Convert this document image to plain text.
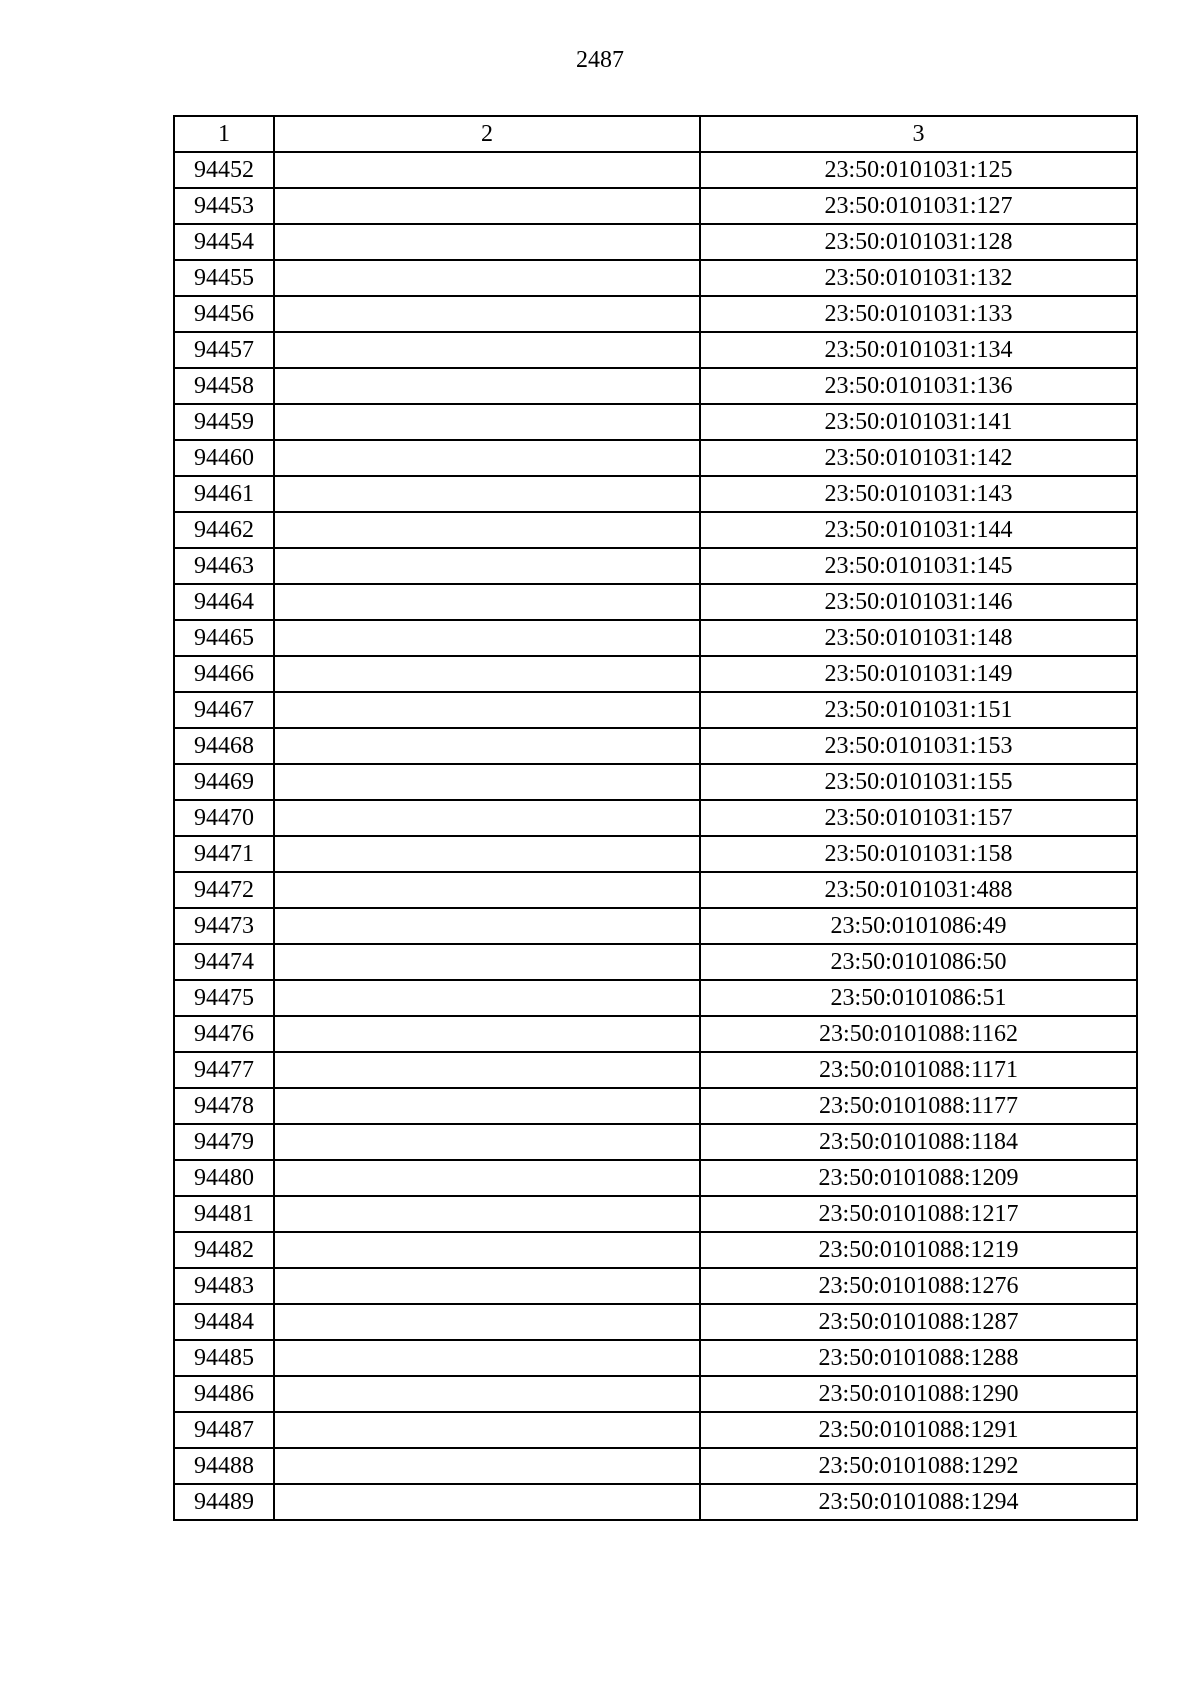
2487
1	2	3
94452		23:50:0101031:125
94453		23:50:0101031:127
94454		23:50:0101031:128
94455		23:50:0101031:132
94456		23:50:0101031:133
94457		23:50:0101031:134
94458		23:50:0101031:136
94459		23:50:0101031:141
94460		23:50:0101031:142
94461		23:50:0101031:143
94462		23:50:0101031:144
94463		23:50:0101031:145
94464		23:50:0101031:146
94465		23:50:0101031:148
94466		23:50:0101031:149
94467		23:50:0101031:151
94468		23:50:0101031:153
94469		23:50:0101031:155
94470		23:50:0101031:157
94471		23:50:0101031:158
94472		23:50:0101031:488
94473		23:50:0101086:49
94474		23:50:0101086:50
94475		23:50:0101086:51
94476		23:50:0101088:1162
94477		23:50:0101088:1171
94478		23:50:0101088:1177
94479		23:50:0101088:1184
94480		23:50:0101088:1209
94481		23:50:0101088:1217
94482		23:50:0101088:1219
94483		23:50:0101088:1276
94484		23:50:0101088:1287
94485		23:50:0101088:1288
94486		23:50:0101088:1290
94487		23:50:0101088:1291
94488		23:50:0101088:1292
94489		23:50:0101088:1294
